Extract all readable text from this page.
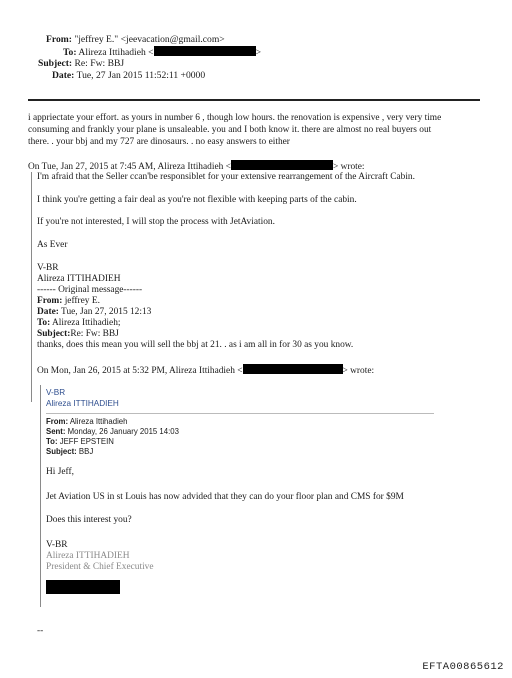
From: "jeffrey E." <jeevacation@gmail.com>
To: Alireza Ittihadieh <	>
Subject: Re: Fw: BBJ
Date: Tue, 27 Jan 2015 11:52:11 +0000
i appriectate your effort. as yours in number 6 , though low hours. the renovation is expensive , very very time
consuming and frankly your plane is unsaleable. you and I both know it. there are almost no real buyers out
there. . your bbj and my 727 are dinosaurs. . no easy answers to either
On Tue, Jan 27, 2015 at 7:45 AM, Alireza Ittihadieh <	> wrote:
I'm afraid that the Seller ccan'be responsiblet for your extensive rearrangement of the Aircraft Cabin.
I think you're getting a fair deal as you're not flexible with keeping parts of the cabin.
If you're not interested, I will stop the process with JetAviation.
As Ever
V-BR
Alireza ITTIHADIEH
------ Original message------
From: jeffrey E.
Date: Tue, Jan 27, 2015 12:13
To: Alireza Ittihadieh;
Subject:Re: Fw: BBJ
thanks, does this mean you will sell the bbj at 21. . as i am all in for 30 as you know.
On Mon, Jan 26, 2015 at 5:32 PM, Alireza Ittihadieh <	> wrote:
V-BR
Alireza ITTIHADIEH
From: Alireza Ittihadieh
Sent: Monday, 26 January 2015 14:03
To: JEFF EPSTEIN
Subject: BBJ
Hi Jeff,
Jet Aviation US in st Louis has now advided that they can do your floor plan and CMS for $9M
Does this interest you?
V-BR
Alireza ITTIHADIEH
President & Chief Executive
--
EFTA00865612
